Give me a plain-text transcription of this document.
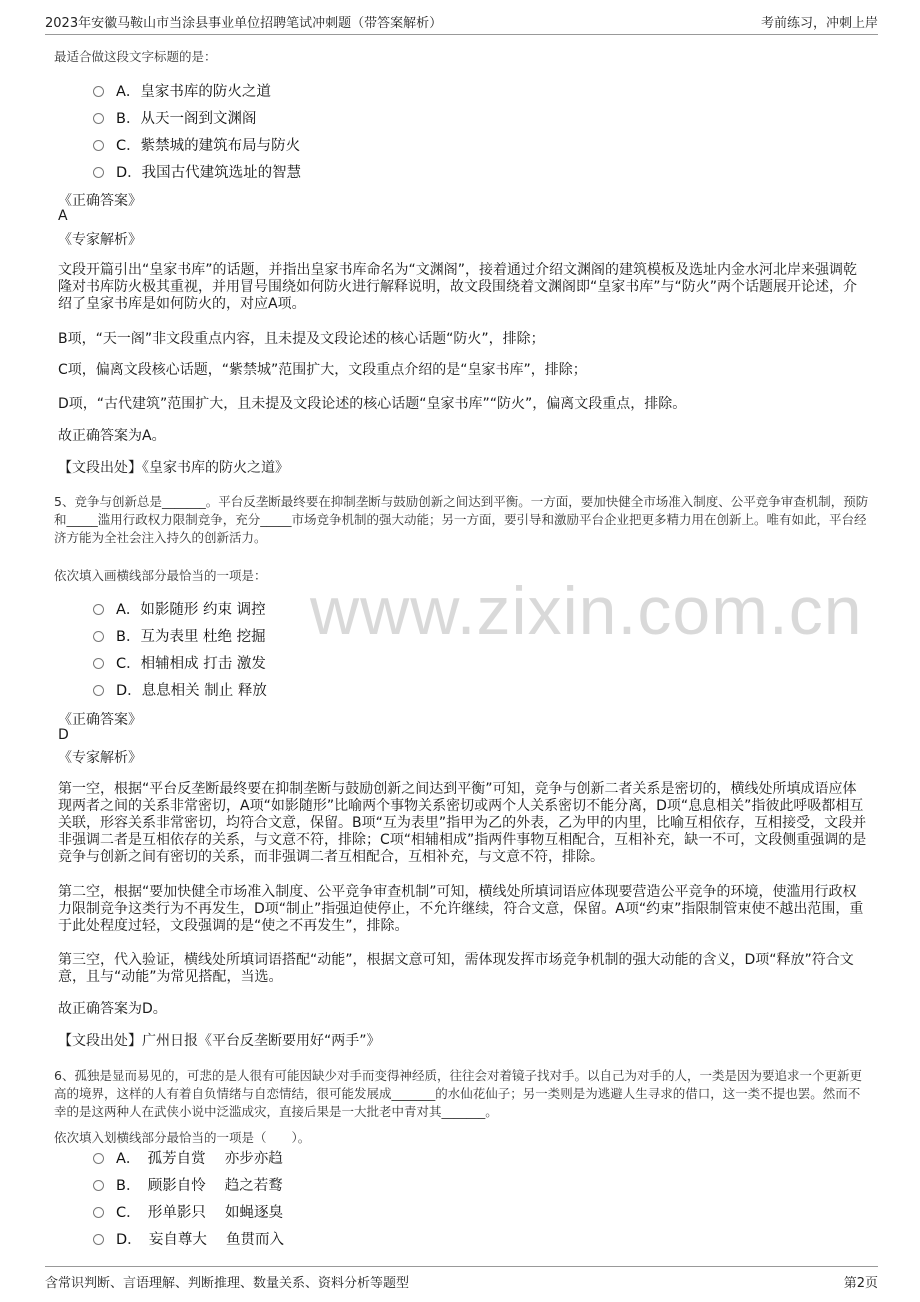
2023年安徽马鞍山市当涂县事业单位招聘笔试冲刺题（带答案解析）	考前练习，冲刺上岸
www.zixin.com.cn
最适合做这段文字标题的是：
A．皇家书库的防火之道
B．从天一阁到文渊阁
C．紫禁城的建筑布局与防火
D．我国古代建筑选址的智慧
《正确答案》
A
《专家解析》
文段开篇引出“皇家书库”的话题，并指出皇家书库命名为“文渊阁”，接着通过介绍文渊阁的建筑模板及选址内金水河北岸来强调乾隆对书库防火极其重视，并用冒号围绕如何防火进行解释说明，故文段围绕着文渊阁即“皇家书库”与“防火”两个话题展开论述，介绍了皇家书库是如何防火的，对应A项。
B项，“天一阁”非文段重点内容，且未提及文段论述的核心话题“防火”，排除；
C项，偏离文段核心话题，“紫禁城”范围扩大，文段重点介绍的是“皇家书库”，排除；
D项，“古代建筑”范围扩大，且未提及文段论述的核心话题“皇家书库”“防火”，偏离文段重点，排除。
故正确答案为A。
【文段出处】《皇家书库的防火之道》
5、竞争与创新总是_______。平台反垄断最终要在抑制垄断与鼓励创新之间达到平衡。一方面，要加快健全市场准入制度、公平竞争审查机制，预防和_____滥用行政权力限制竞争，充分_____市场竞争机制的强大动能；另一方面，要引导和激励平台企业把更多精力用在创新上。唯有如此，平台经济方能为全社会注入持久的创新活力。
依次填入画横线部分最恰当的一项是：
A．如影随形 约束 调控
B．互为表里 杜绝 挖掘
C．相辅相成 打击 激发
D．息息相关 制止 释放
《正确答案》
D
《专家解析》
第一空，根据“平台反垄断最终要在抑制垄断与鼓励创新之间达到平衡”可知，竞争与创新二者关系是密切的，横线处所填成语应体现两者之间的关系非常密切，A项“如影随形”比喻两个事物关系密切或两个人关系密切不能分离，D项“息息相关”指彼此呼吸都相互关联，形容关系非常密切，均符合文意，保留。B项“互为表里”指甲为乙的外表，乙为甲的内里，比喻互相依存，互相接受，文段并非强调二者是互相依存的关系，与文意不符，排除；C项“相辅相成”指两件事物互相配合，互相补充，缺一不可，文段侧重强调的是竞争与创新之间有密切的关系，而非强调二者互相配合，互相补充，与文意不符，排除。
第二空，根据“要加快健全市场准入制度、公平竞争审查机制”可知，横线处所填词语应体现要营造公平竞争的环境，使滥用行政权力限制竞争这类行为不再发生，D项“制止”指强迫使停止，不允许继续，符合文意，保留。A项“约束”指限制管束使不越出范围，重于此处程度过轻，文段强调的是“使之不再发生”，排除。
第三空，代入验证，横线处所填词语搭配“动能”，根据文意可知，需体现发挥市场竞争机制的强大动能的含义，D项“释放”符合文意，且与“动能”为常见搭配，当选。
故正确答案为D。
【文段出处】广州日报《平台反垄断要用好“两手”》
6、孤独是显而易见的，可悲的是人很有可能因缺少对手而变得神经质，往往会对着镜子找对手。以自己为对手的人，一类是因为要追求一个更新更高的境界，这样的人有着自负情绪与自恋情结，很可能发展成_______的水仙花仙子；另一类则是为逃避人生寻求的借口，这一类不提也罢。然而不幸的是这两种人在武侠小说中泛滥成灾，直接后果是一大批老中青对其_______。
依次填入划横线部分最恰当的一项是（　　）。
A．　孤芳自赏　 亦步亦趋
B．　顾影自怜　 趋之若鹜
C．　形单影只　 如蝇逐臭
D．　妄自尊大　 鱼贯而入
含常识判断、言语理解、判断推理、数量关系、资料分析等题型	第2页
